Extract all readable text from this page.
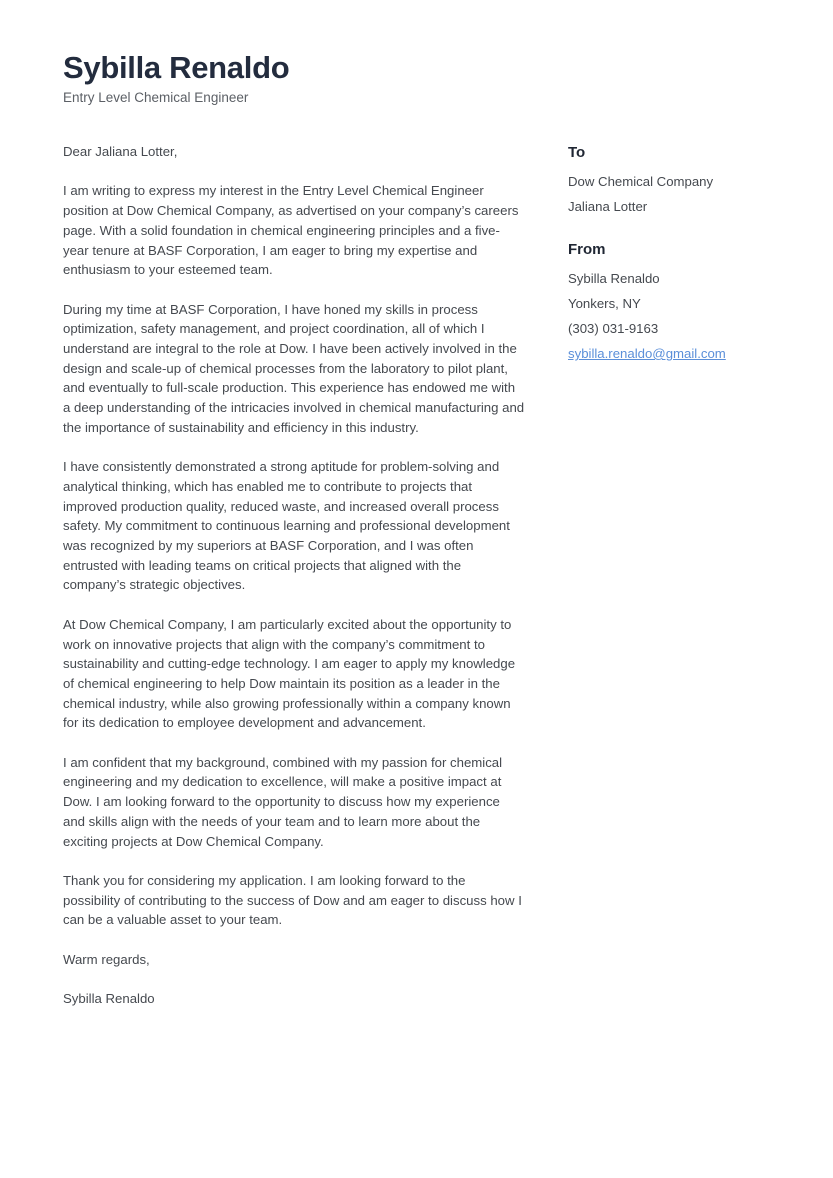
Sybilla Renaldo
Entry Level Chemical Engineer

Dear Jaliana Lotter,

I am writing to express my interest in the Entry Level Chemical Engineer position at Dow Chemical Company, as advertised on your company’s careers page. With a solid foundation in chemical engineering principles and a five-year tenure at BASF Corporation, I am eager to bring my expertise and enthusiasm to your esteemed team.

During my time at BASF Corporation, I have honed my skills in process optimization, safety management, and project coordination, all of which I understand are integral to the role at Dow. I have been actively involved in the design and scale-up of chemical processes from the laboratory to pilot plant, and eventually to full-scale production. This experience has endowed me with a deep understanding of the intricacies involved in chemical manufacturing and the importance of sustainability and efficiency in this industry.

I have consistently demonstrated a strong aptitude for problem-solving and analytical thinking, which has enabled me to contribute to projects that improved production quality, reduced waste, and increased overall process safety. My commitment to continuous learning and professional development was recognized by my superiors at BASF Corporation, and I was often entrusted with leading teams on critical projects that aligned with the company’s strategic objectives.

At Dow Chemical Company, I am particularly excited about the opportunity to work on innovative projects that align with the company’s commitment to sustainability and cutting-edge technology. I am eager to apply my knowledge of chemical engineering to help Dow maintain its position as a leader in the chemical industry, while also growing professionally within a company known for its dedication to employee development and advancement.

I am confident that my background, combined with my passion for chemical engineering and my dedication to excellence, will make a positive impact at Dow. I am looking forward to the opportunity to discuss how my experience and skills align with the needs of your team and to learn more about the exciting projects at Dow Chemical Company.

Thank you for considering my application. I am looking forward to the possibility of contributing to the success of Dow and am eager to discuss how I can be a valuable asset to your team.

Warm regards,

Sybilla Renaldo

To
Dow Chemical Company
Jaliana Lotter
From
Sybilla Renaldo
Yonkers, NY
(303) 031-9163
sybilla.renaldo@gmail.com
